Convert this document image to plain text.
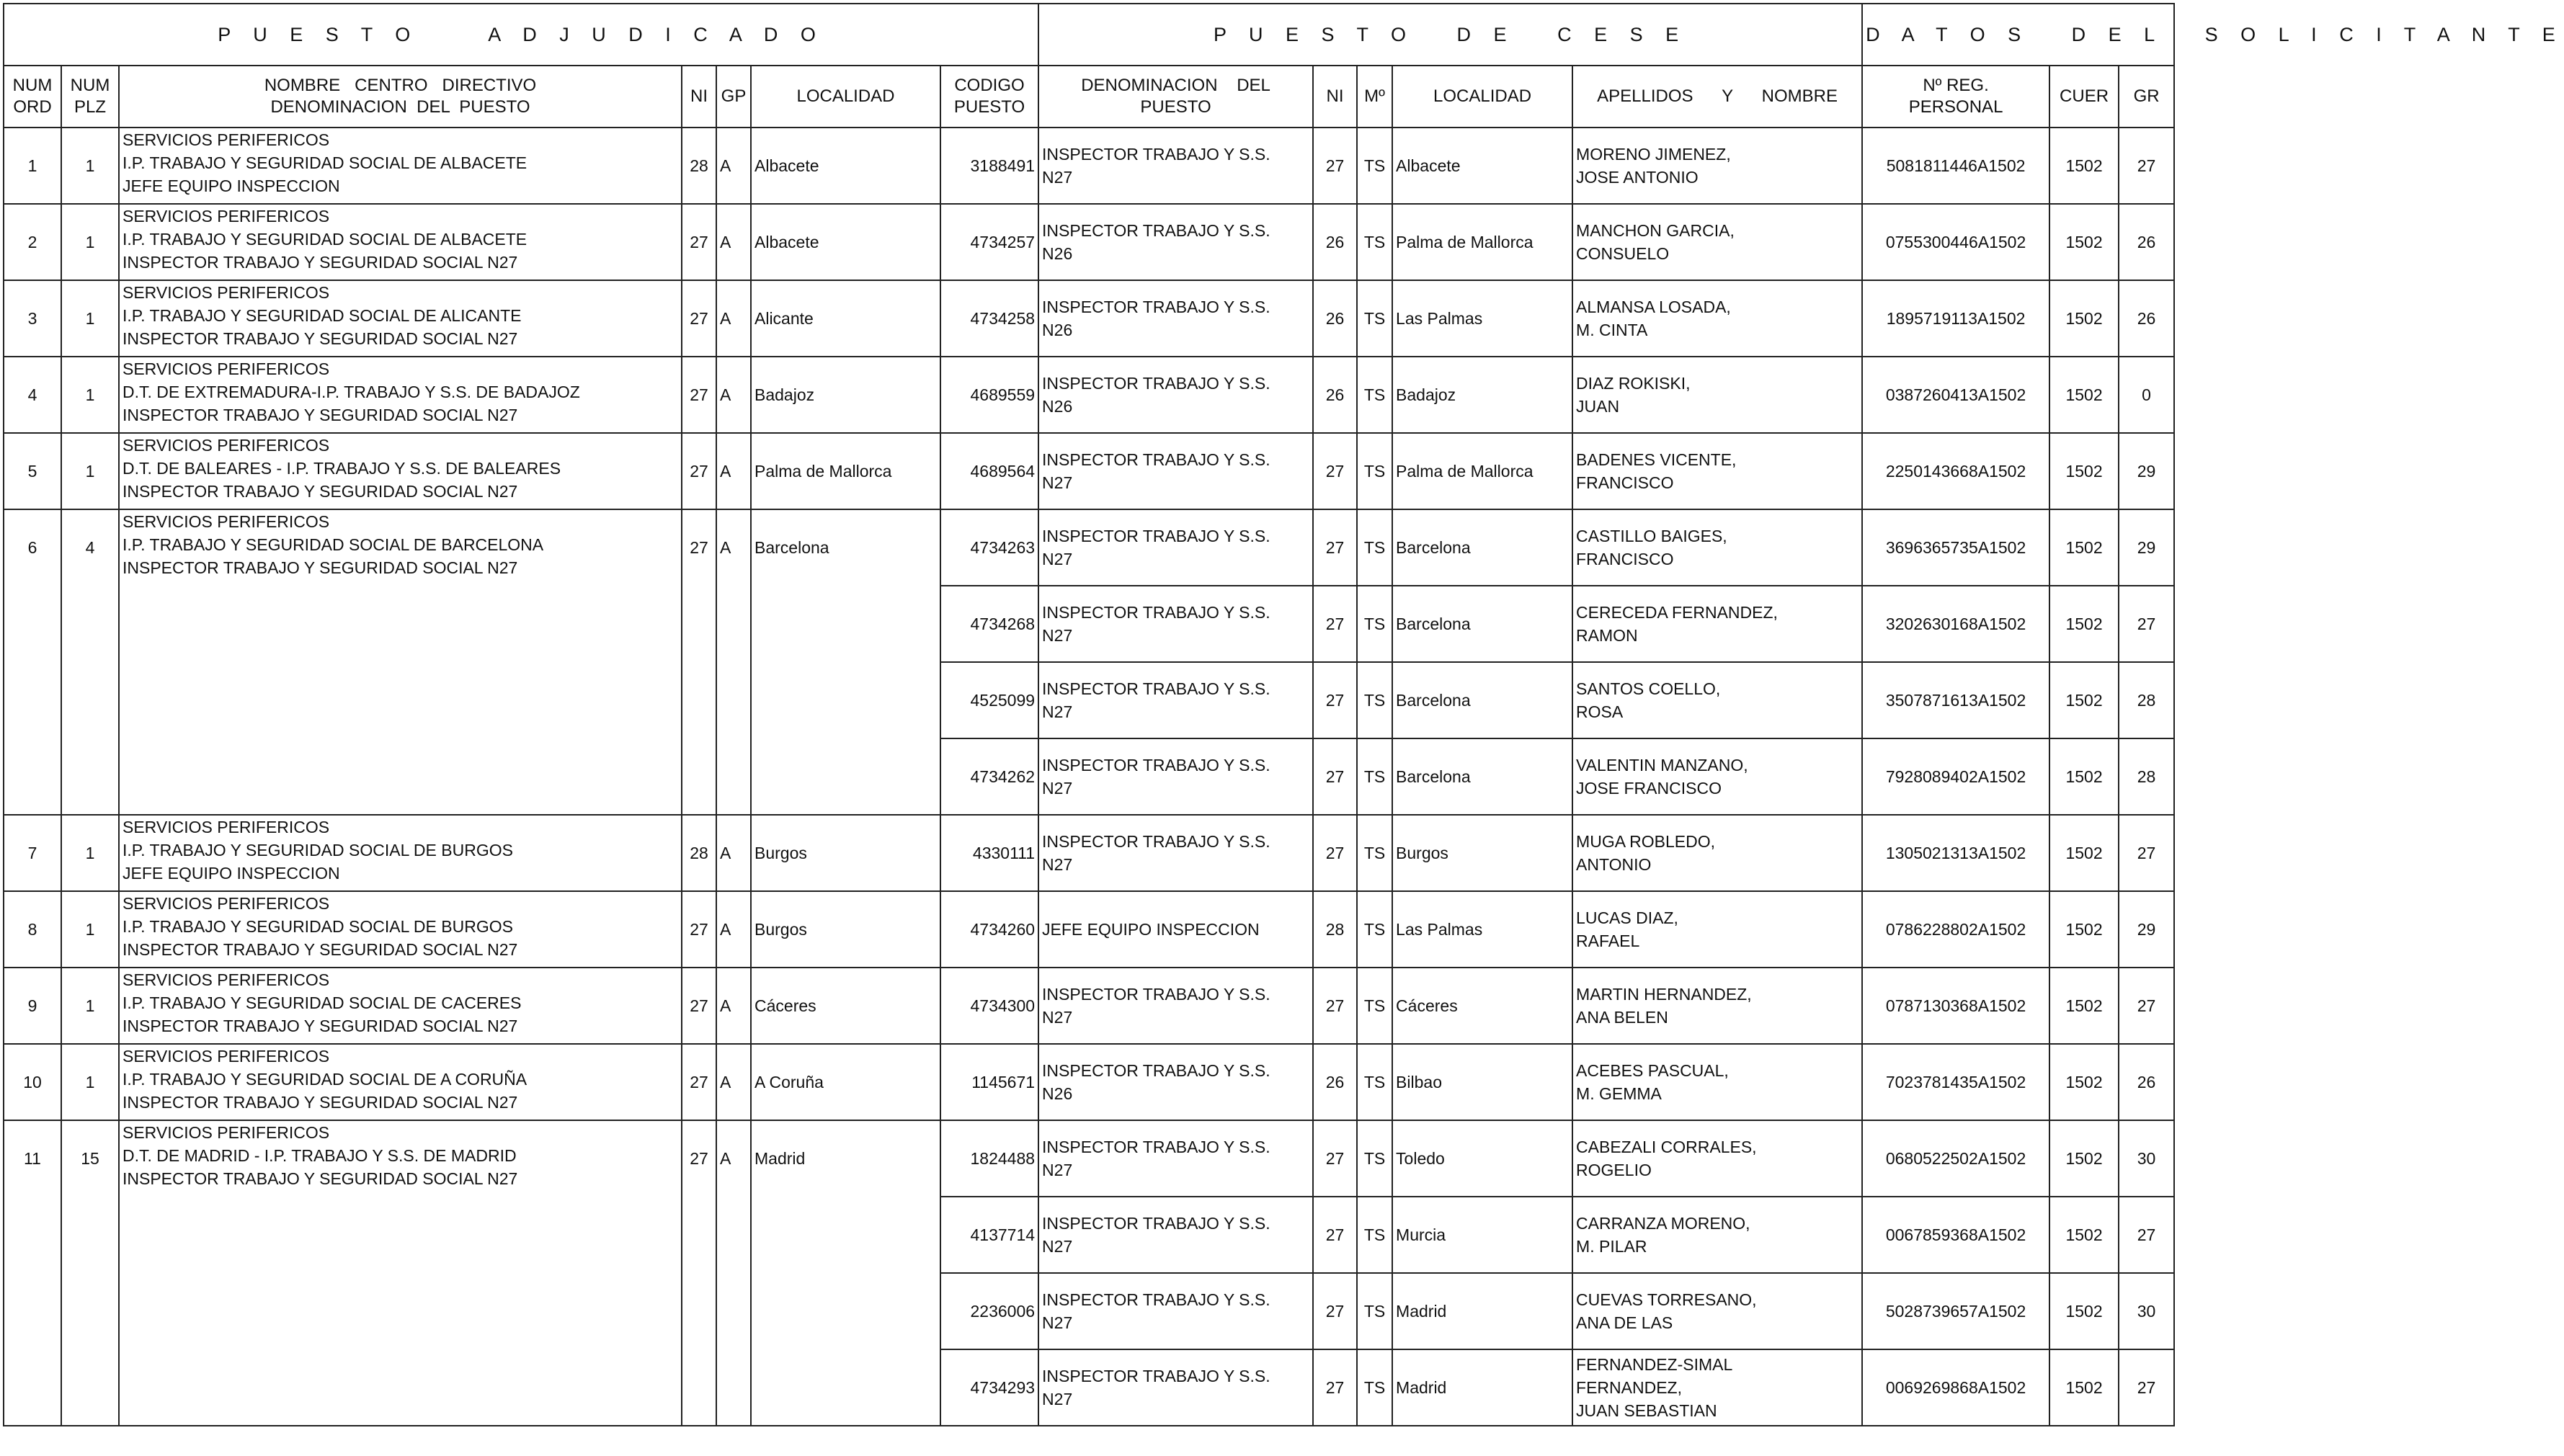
P U E S T O     A D J U D I C A D O							P U E S T O   D E   C E S E					D A T O S   D E L   S O L I C I T A N T E		

NUM
ORD	NUM
PLZ	NOMBRE   CENTRO   DIRECTIVO
DENOMINACION  DEL  PUESTO	NI	GP	LOCALIDAD	CODIGO
PUESTO	DENOMINACION    DEL
PUESTO	NI	Mº	LOCALIDAD	APELLIDOS      Y      NOMBRE	Nº REG.
PERSONAL	CUER	GR

1	1	SERVICIOS PERIFERICOS
I.P. TRABAJO Y SEGURIDAD SOCIAL DE ALBACETE
JEFE EQUIPO INSPECCION	28	A	Albacete	3188491	INSPECTOR TRABAJO Y S.S.
N27	27	TS	Albacete	MORENO JIMENEZ,
JOSE ANTONIO	5081811446A1502	1502	27

2	1	SERVICIOS PERIFERICOS
I.P. TRABAJO Y SEGURIDAD SOCIAL DE ALBACETE
INSPECTOR TRABAJO Y SEGURIDAD SOCIAL N27	27	A	Albacete	4734257	INSPECTOR TRABAJO Y S.S.
N26	26	TS	Palma de Mallorca	MANCHON GARCIA,
CONSUELO	0755300446A1502	1502	26

3	1	SERVICIOS PERIFERICOS
I.P. TRABAJO Y SEGURIDAD SOCIAL DE ALICANTE
INSPECTOR TRABAJO Y SEGURIDAD SOCIAL N27	27	A	Alicante	4734258	INSPECTOR TRABAJO Y S.S.
N26	26	TS	Las Palmas	ALMANSA LOSADA,
M. CINTA	1895719113A1502	1502	26

4	1	SERVICIOS PERIFERICOS
D.T. DE EXTREMADURA-I.P. TRABAJO Y S.S. DE BADAJOZ
INSPECTOR TRABAJO Y SEGURIDAD SOCIAL N27	27	A	Badajoz	4689559	INSPECTOR TRABAJO Y S.S.
N26	26	TS	Badajoz	DIAZ ROKISKI,
JUAN	0387260413A1502	1502	0

5	1	SERVICIOS PERIFERICOS
D.T. DE BALEARES - I.P. TRABAJO Y S.S. DE BALEARES
INSPECTOR TRABAJO Y SEGURIDAD SOCIAL N27	27	A	Palma de Mallorca	4689564	INSPECTOR TRABAJO Y S.S.
N27	27	TS	Palma de Mallorca	BADENES VICENTE,
FRANCISCO	2250143668A1502	1502	29

6	4	SERVICIOS PERIFERICOS
I.P. TRABAJO Y SEGURIDAD SOCIAL DE BARCELONA
INSPECTOR TRABAJO Y SEGURIDAD SOCIAL N27	27	A	Barcelona	4734263	INSPECTOR TRABAJO Y S.S.
N27	27	TS	Barcelona	CASTILLO BAIGES,
FRANCISCO	3696365735A1502	1502	29

						4734268	INSPECTOR TRABAJO Y S.S.
N27	27	TS	Barcelona	CERECEDA FERNANDEZ,
RAMON	3202630168A1502	1502	27

						4525099	INSPECTOR TRABAJO Y S.S.
N27	27	TS	Barcelona	SANTOS COELLO,
ROSA	3507871613A1502	1502	28

						4734262	INSPECTOR TRABAJO Y S.S.
N27	27	TS	Barcelona	VALENTIN MANZANO,
JOSE FRANCISCO	7928089402A1502	1502	28

7	1	SERVICIOS PERIFERICOS
I.P. TRABAJO Y SEGURIDAD SOCIAL DE BURGOS
JEFE EQUIPO INSPECCION	28	A	Burgos	4330111	INSPECTOR TRABAJO Y S.S.
N27	27	TS	Burgos	MUGA ROBLEDO,
ANTONIO	1305021313A1502	1502	27

8	1	SERVICIOS PERIFERICOS
I.P. TRABAJO Y SEGURIDAD SOCIAL DE BURGOS
INSPECTOR TRABAJO Y SEGURIDAD SOCIAL N27	27	A	Burgos	4734260	JEFE EQUIPO INSPECCION	28	TS	Las Palmas	LUCAS DIAZ,
RAFAEL	0786228802A1502	1502	29

9	1	SERVICIOS PERIFERICOS
I.P. TRABAJO Y SEGURIDAD SOCIAL DE CACERES
INSPECTOR TRABAJO Y SEGURIDAD SOCIAL N27	27	A	Cáceres	4734300	INSPECTOR TRABAJO Y S.S.
N27	27	TS	Cáceres	MARTIN HERNANDEZ,
ANA BELEN	0787130368A1502	1502	27

10	1	SERVICIOS PERIFERICOS
I.P. TRABAJO Y SEGURIDAD SOCIAL DE A CORUÑA
INSPECTOR TRABAJO Y SEGURIDAD SOCIAL N27	27	A	A Coruña	1145671	INSPECTOR TRABAJO Y S.S.
N26	26	TS	Bilbao	ACEBES PASCUAL,
M. GEMMA	7023781435A1502	1502	26

11	15	SERVICIOS PERIFERICOS
D.T. DE MADRID - I.P. TRABAJO Y S.S. DE MADRID
INSPECTOR TRABAJO Y SEGURIDAD SOCIAL N27	27	A	Madrid	1824488	INSPECTOR TRABAJO Y S.S.
N27	27	TS	Toledo	CABEZALI CORRALES,
ROGELIO	0680522502A1502	1502	30

						4137714	INSPECTOR TRABAJO Y S.S.
N27	27	TS	Murcia	CARRANZA MORENO,
M. PILAR	0067859368A1502	1502	27

						2236006	INSPECTOR TRABAJO Y S.S.
N27	27	TS	Madrid	CUEVAS TORRESANO,
ANA DE LAS	5028739657A1502	1502	30

						4734293	INSPECTOR TRABAJO Y S.S.
N27	27	TS	Madrid	FERNANDEZ-SIMAL
FERNANDEZ,
JUAN SEBASTIAN	0069269868A1502	1502	27
